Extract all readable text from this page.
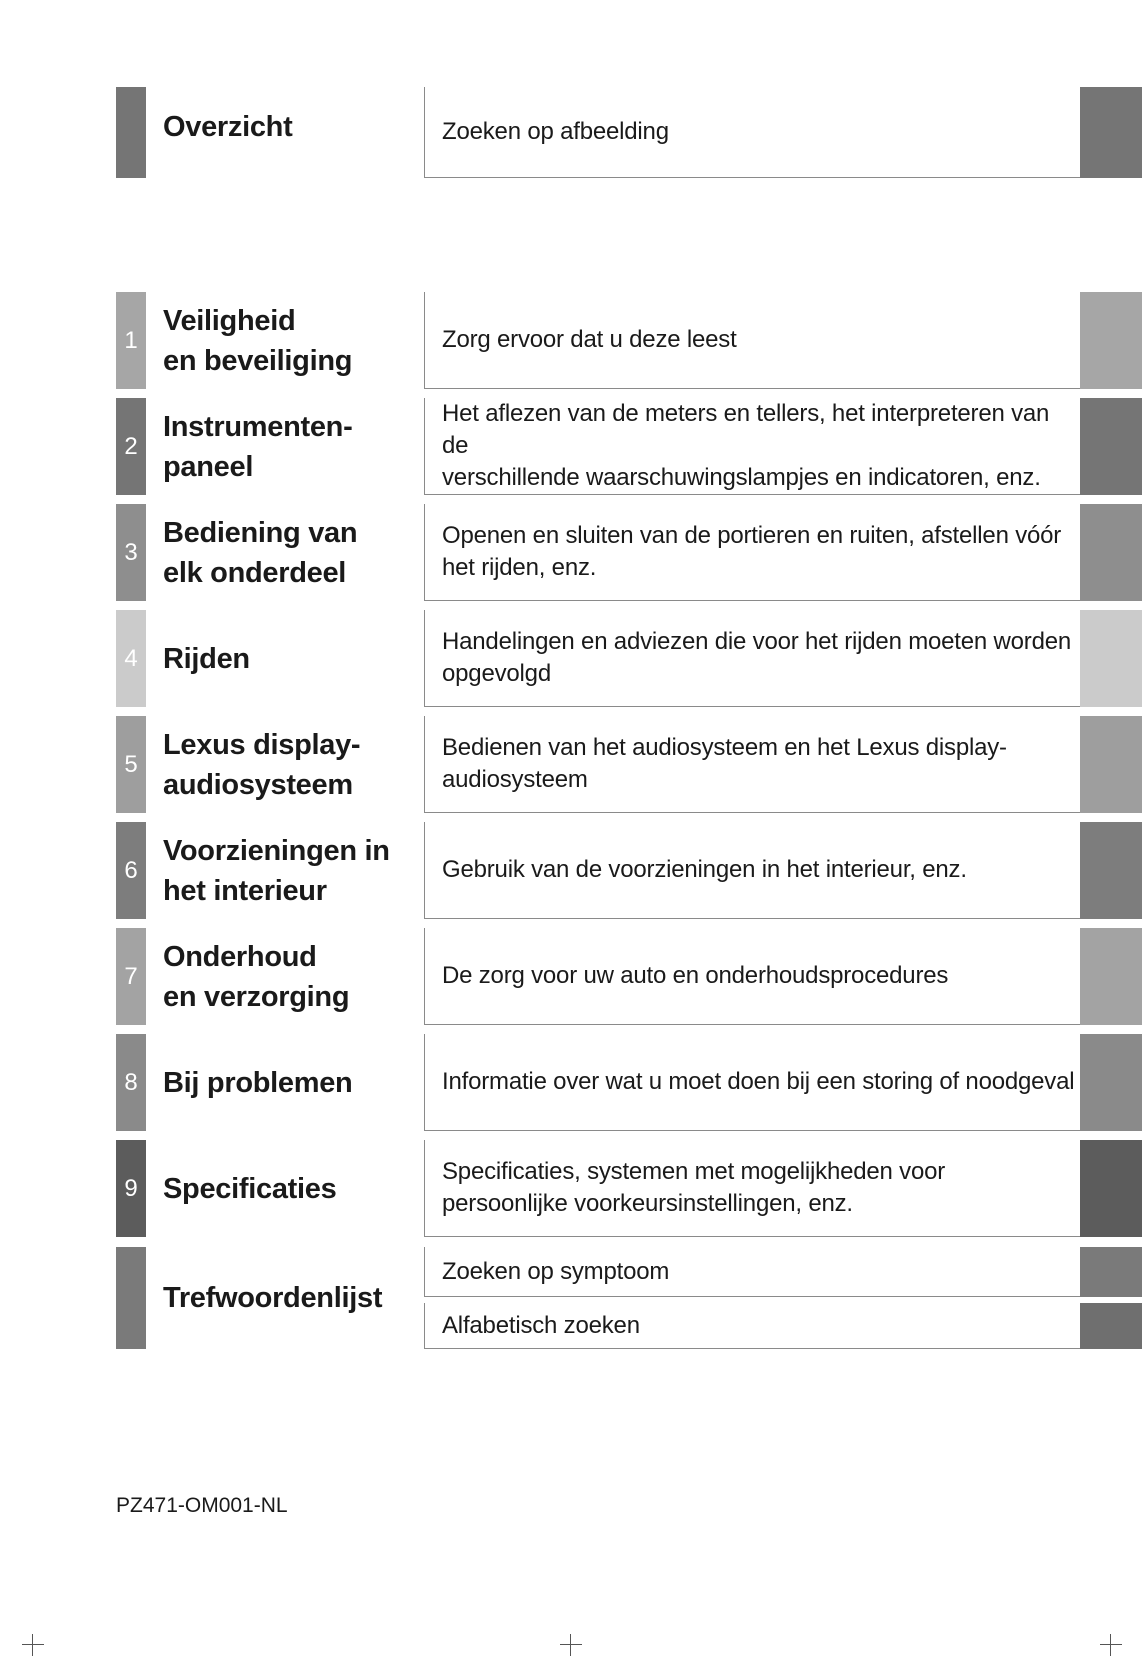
Overzicht	Zoeken op afbeelding
1
Veiligheid
en beveiliging
Zorg ervoor dat u deze leest
2
Instrumenten-
paneel
Het aflezen van de meters en tellers, het interpreteren van de
verschillende waarschuwingslampjes en indicatoren, enz.
3
Bediening van
elk onderdeel
Openen en sluiten van de portieren en ruiten, afstellen vóór
het rijden, enz.
4 Rijden
Handelingen en adviezen die voor het rijden moeten worden
opgevolgd
5
Lexus display-
audiosysteem
Bedienen van het audiosysteem en het Lexus display-
audiosysteem
6
Voorzieningen in
het interieur
Gebruik van de voorzieningen in het interieur, enz.
7
Onderhoud
en verzorging
De zorg voor uw auto en onderhoudsprocedures
8 Bij problemen	Informatie over wat u moet doen bij een storing of noodgeval
9 Specificaties
Specificaties, systemen met mogelijkheden voor
persoonlijke voorkeursinstellingen, enz.
Trefwoordenlijst
Zoeken op symptoom
Alfabetisch zoeken
PZ471-OM001-NL
